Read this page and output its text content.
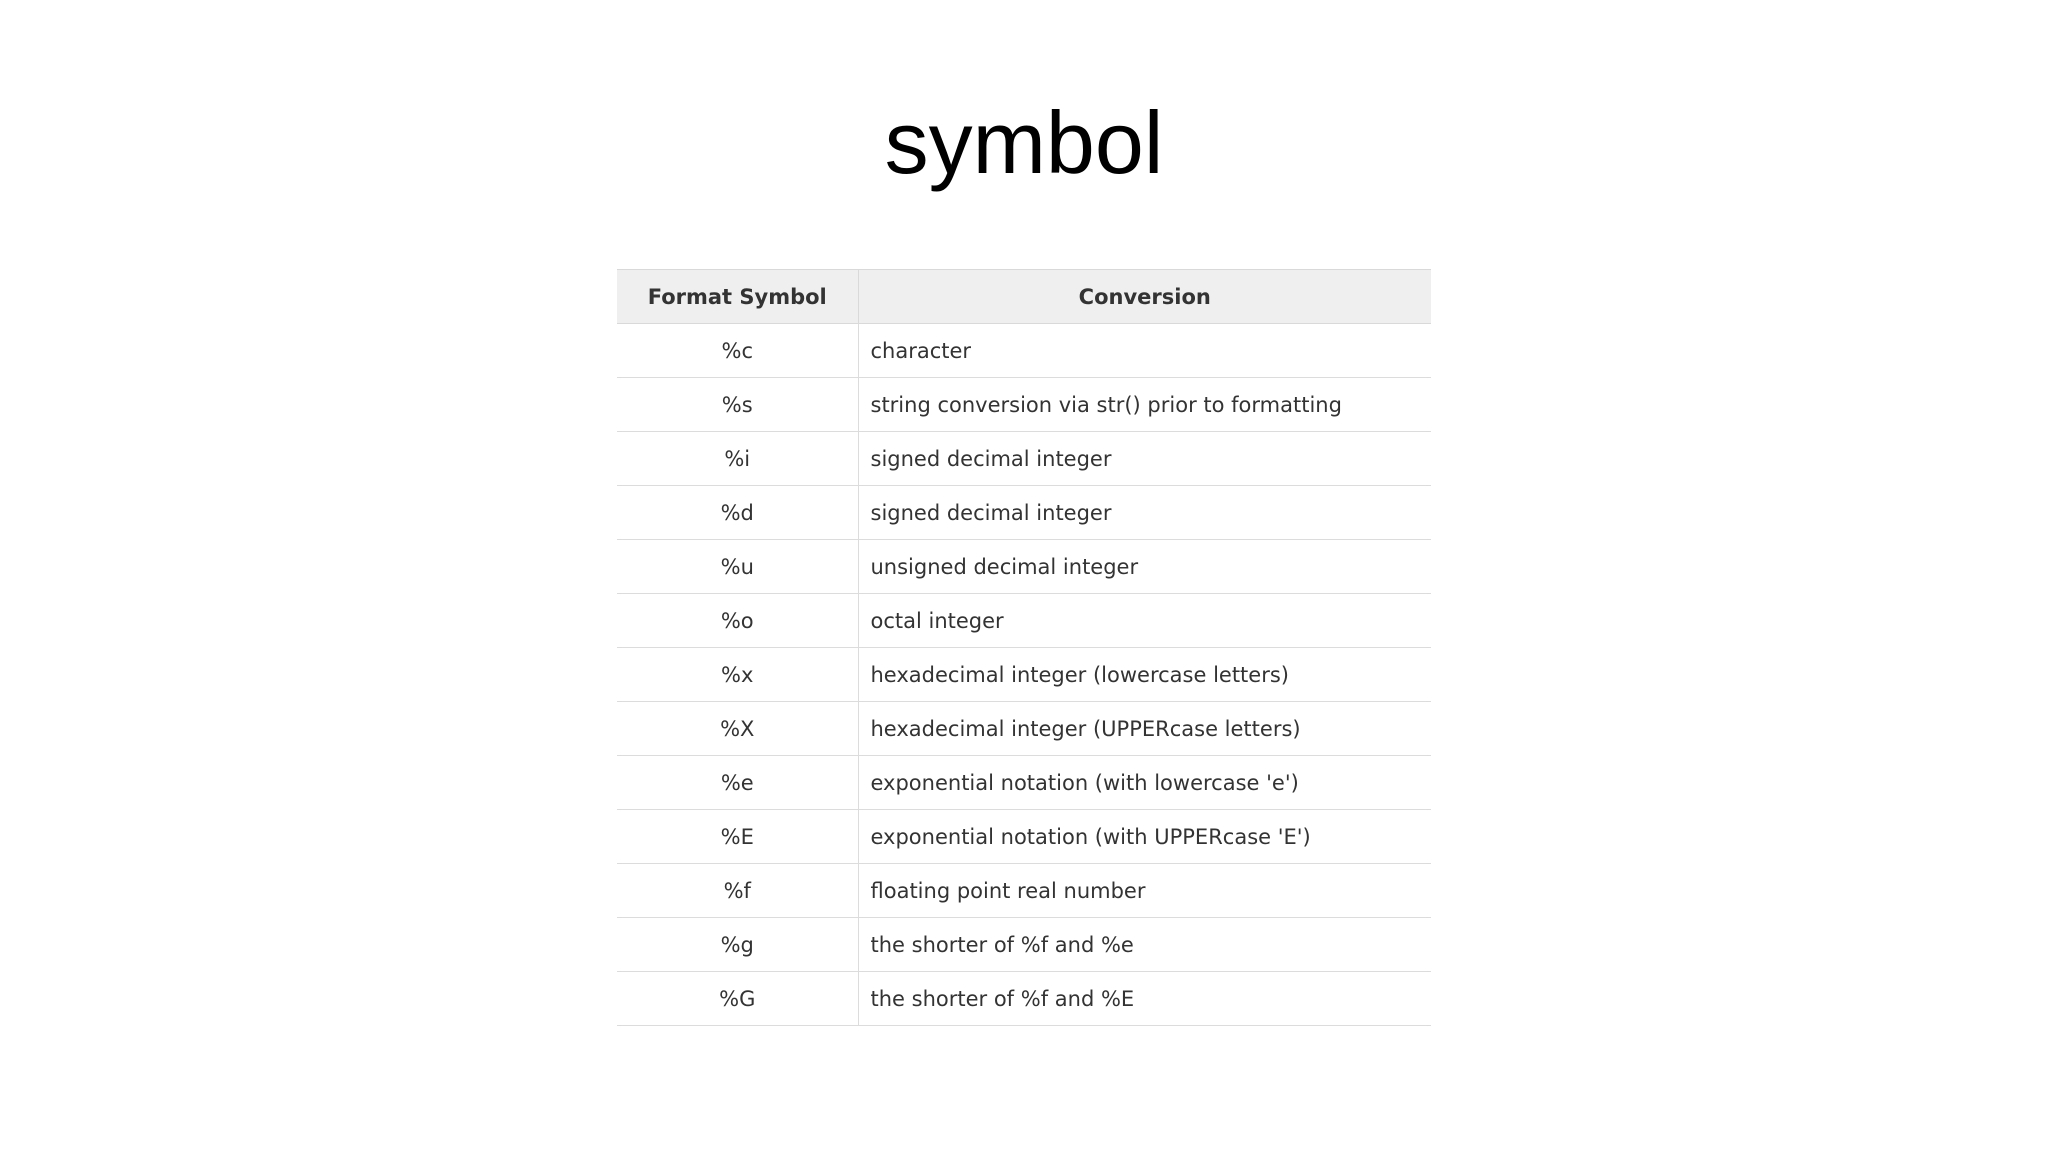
symbol
Format Symbol	Conversion
%c	character
%s	string conversion via str() prior to formatting
%i	signed decimal integer
%d	signed decimal integer
%u	unsigned decimal integer
%o	octal integer
%x	hexadecimal integer (lowercase letters)
%X	hexadecimal integer (UPPERcase letters)
%e	exponential notation (with lowercase 'e')
%E	exponential notation (with UPPERcase 'E')
%f	floating point real number
%g	the shorter of %f and %e
%G	the shorter of %f and %E
